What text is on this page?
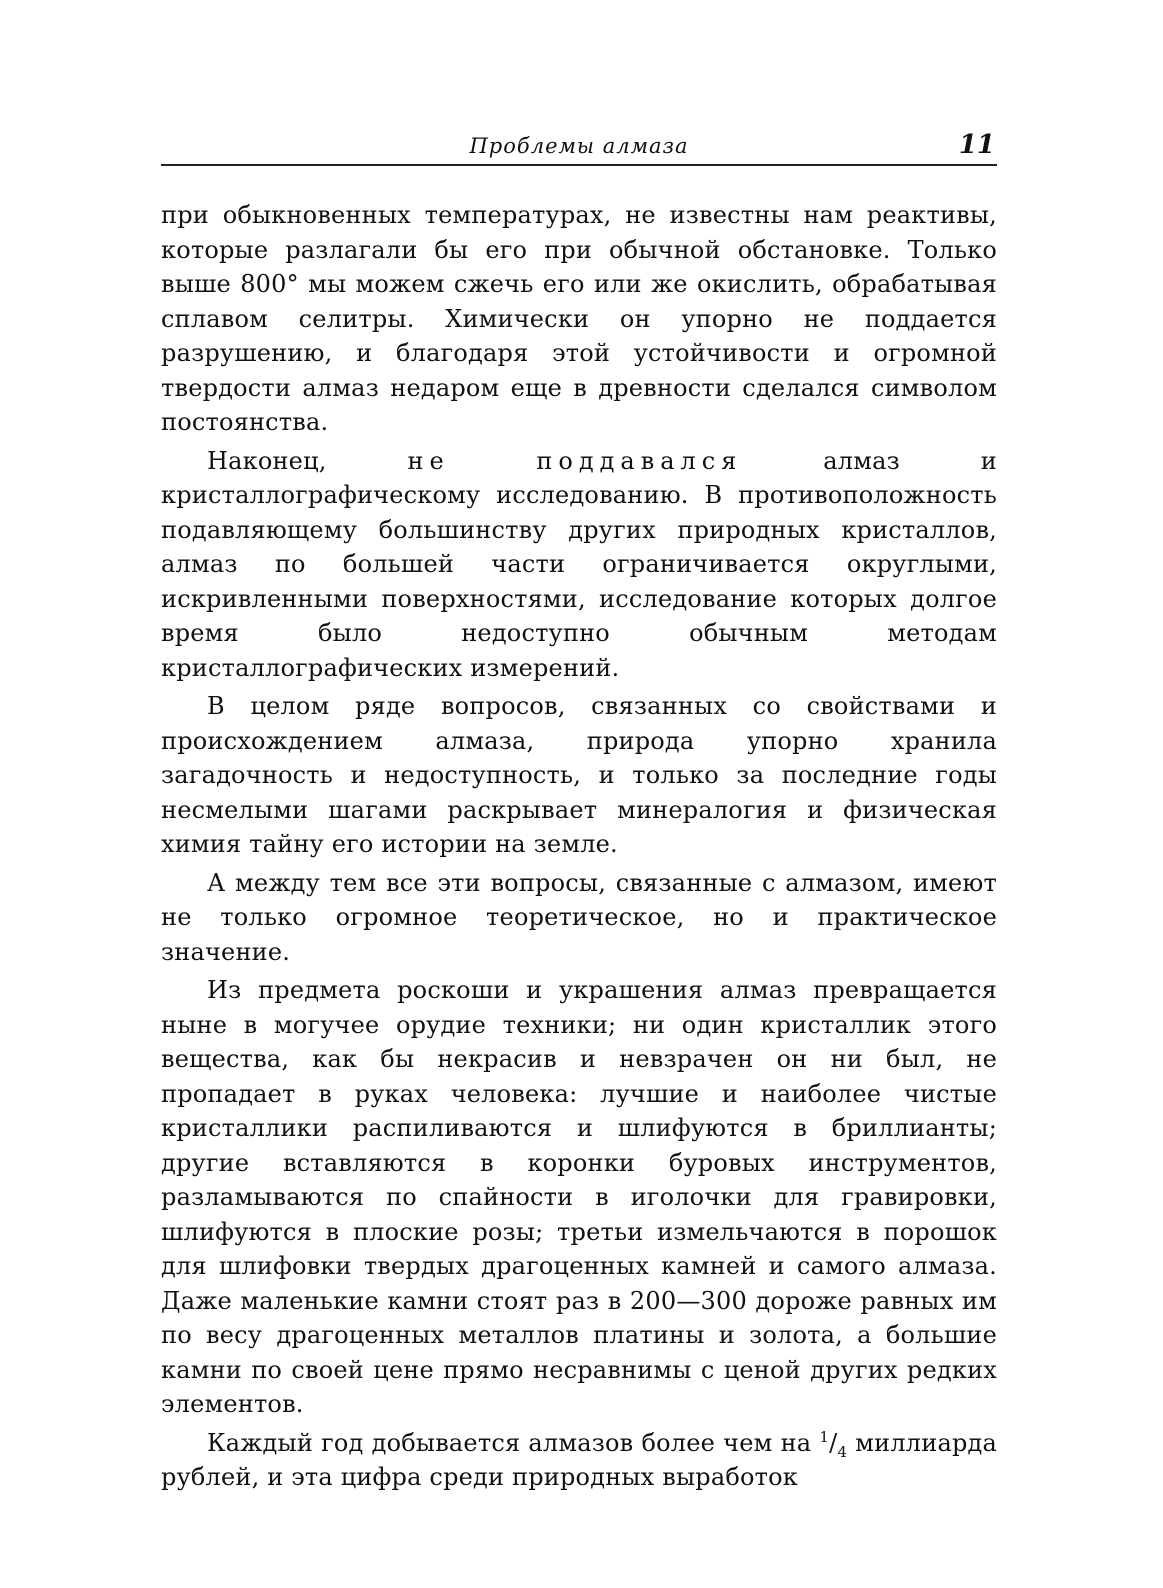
Проблемы алмаза	11

при обыкновенных температурах, не известны нам реактивы, которые разлагали бы его при обычной обстановке. Только выше 800° мы можем сжечь его или же окислить, обрабатывая сплавом селитры. Химически он упорно не поддается разрушению, и благодаря этой устойчивости и огромной твердости алмаз недаром еще в древности сделался символом постоянства.

Наконец, не поддавался алмаз и кристаллографическому исследованию. В противоположность подавляющему большинству других природных кристаллов, алмаз по большей части ограничивается округлыми, искривленными поверхностями, исследование которых долгое время было недоступно обычным методам кристаллографических измерений.

В целом ряде вопросов, связанных со свойствами и происхождением алмаза, природа упорно хранила загадочность и недоступность, и только за последние годы несмелыми шагами раскрывает минералогия и физическая химия тайну его истории на земле.

А между тем все эти вопросы, связанные с алмазом, имеют не только огромное теоретическое, но и практическое значение.

Из предмета роскоши и украшения алмаз превращается ныне в могучее орудие техники; ни один кристаллик этого вещества, как бы некрасив и невзрачен он ни был, не пропадает в руках человека: лучшие и наиболее чистые кристаллики распиливаются и шлифуются в бриллианты; другие вставляются в коронки буровых инструментов, разламываются по спайности в иголочки для гравировки, шлифуются в плоские розы; третьи измельчаются в порошок для шлифовки твердых драгоценных камней и самого алмаза. Даже маленькие камни стоят раз в 200—300 дороже равных им по весу драгоценных металлов платины и золота, а большие камни по своей цене прямо несравнимы с ценой других редких элементов.

Каждый год добывается алмазов более чем на $^1/_4$ миллиарда рублей, и эта цифра среди природных выработок
